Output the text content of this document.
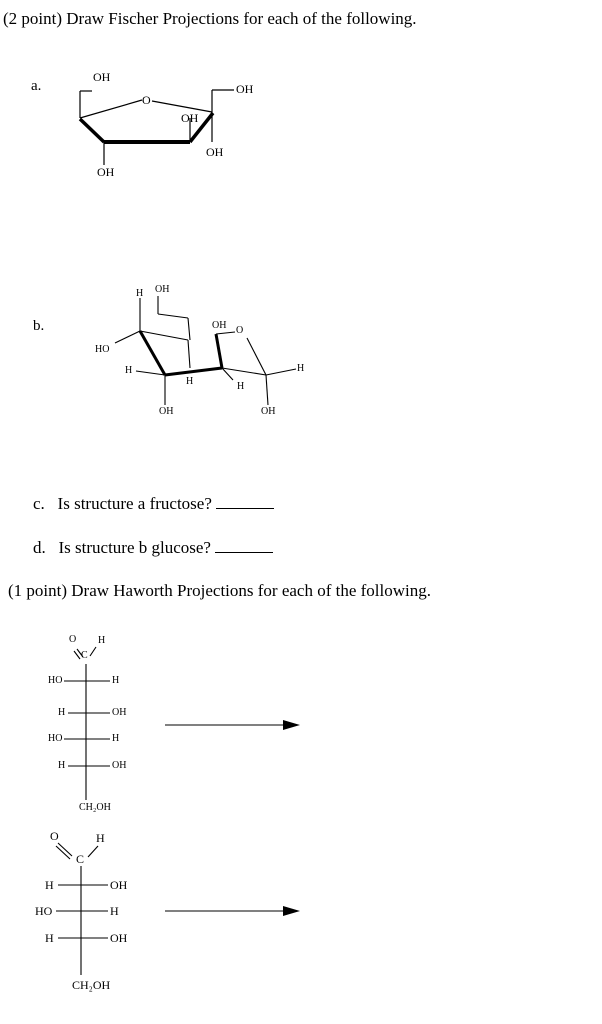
(2 point) Draw Fischer Projections for each of the following.
a.
b.
c. Is structure a fructose?
d. Is structure b glucose?
(1 point) Draw Haworth Projections for each of the following.
OH
O
OH
OH
OH
OH
H OH
OH O
HO
H
H	H
H
OH	OH
O
C
H
HO	H
H	OH
HO	H
H	OH
CH₂OH
O
C
H
H	OH
HO	H
H	OH
CH₂OH
